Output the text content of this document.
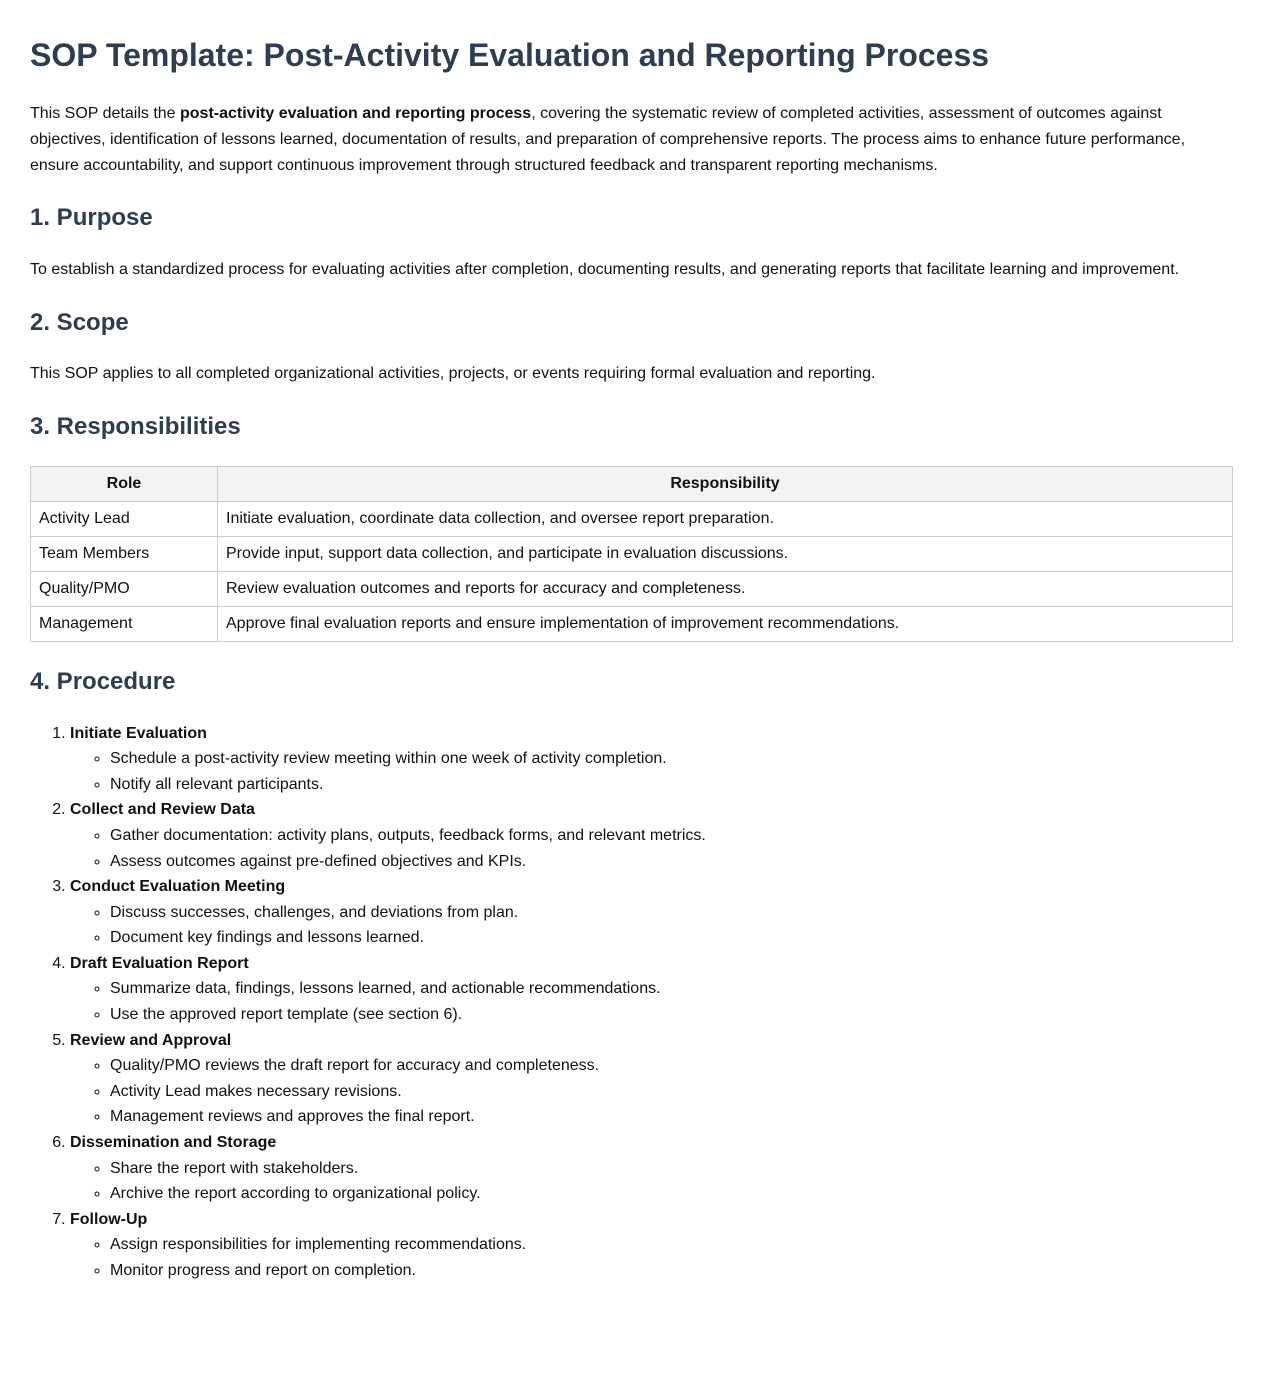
SOP Template: Post-Activity Evaluation and Reporting Process

This SOP details the post-activity evaluation and reporting process, covering the systematic review of completed activities, assessment of outcomes against objectives, identification of lessons learned, documentation of results, and preparation of comprehensive reports. The process aims to enhance future performance, ensure accountability, and support continuous improvement through structured feedback and transparent reporting mechanisms.

1. Purpose

To establish a standardized process for evaluating activities after completion, documenting results, and generating reports that facilitate learning and improvement.

2. Scope

This SOP applies to all completed organizational activities, projects, or events requiring formal evaluation and reporting.

3. Responsibilities
Role	Responsibility
Activity Lead	Initiate evaluation, coordinate data collection, and oversee report preparation.
Team Members	Provide input, support data collection, and participate in evaluation discussions.
Quality/PMO	Review evaluation outcomes and reports for accuracy and completeness.
Management	Approve final evaluation reports and ensure implementation of improvement recommendations.
4. Procedure
1. Initiate Evaluation
◦ Schedule a post-activity review meeting within one week of activity completion.
◦ Notify all relevant participants.
2. Collect and Review Data
◦ Gather documentation: activity plans, outputs, feedback forms, and relevant metrics.
◦ Assess outcomes against pre-defined objectives and KPIs.
3. Conduct Evaluation Meeting
◦ Discuss successes, challenges, and deviations from plan.
◦ Document key findings and lessons learned.
4. Draft Evaluation Report
◦ Summarize data, findings, lessons learned, and actionable recommendations.
◦ Use the approved report template (see section 6).
5. Review and Approval
◦ Quality/PMO reviews the draft report for accuracy and completeness.
◦ Activity Lead makes necessary revisions.
◦ Management reviews and approves the final report.
6. Dissemination and Storage
◦ Share the report with stakeholders.
◦ Archive the report according to organizational policy.
7. Follow-Up
◦ Assign responsibilities for implementing recommendations.
◦ Monitor progress and report on completion.
